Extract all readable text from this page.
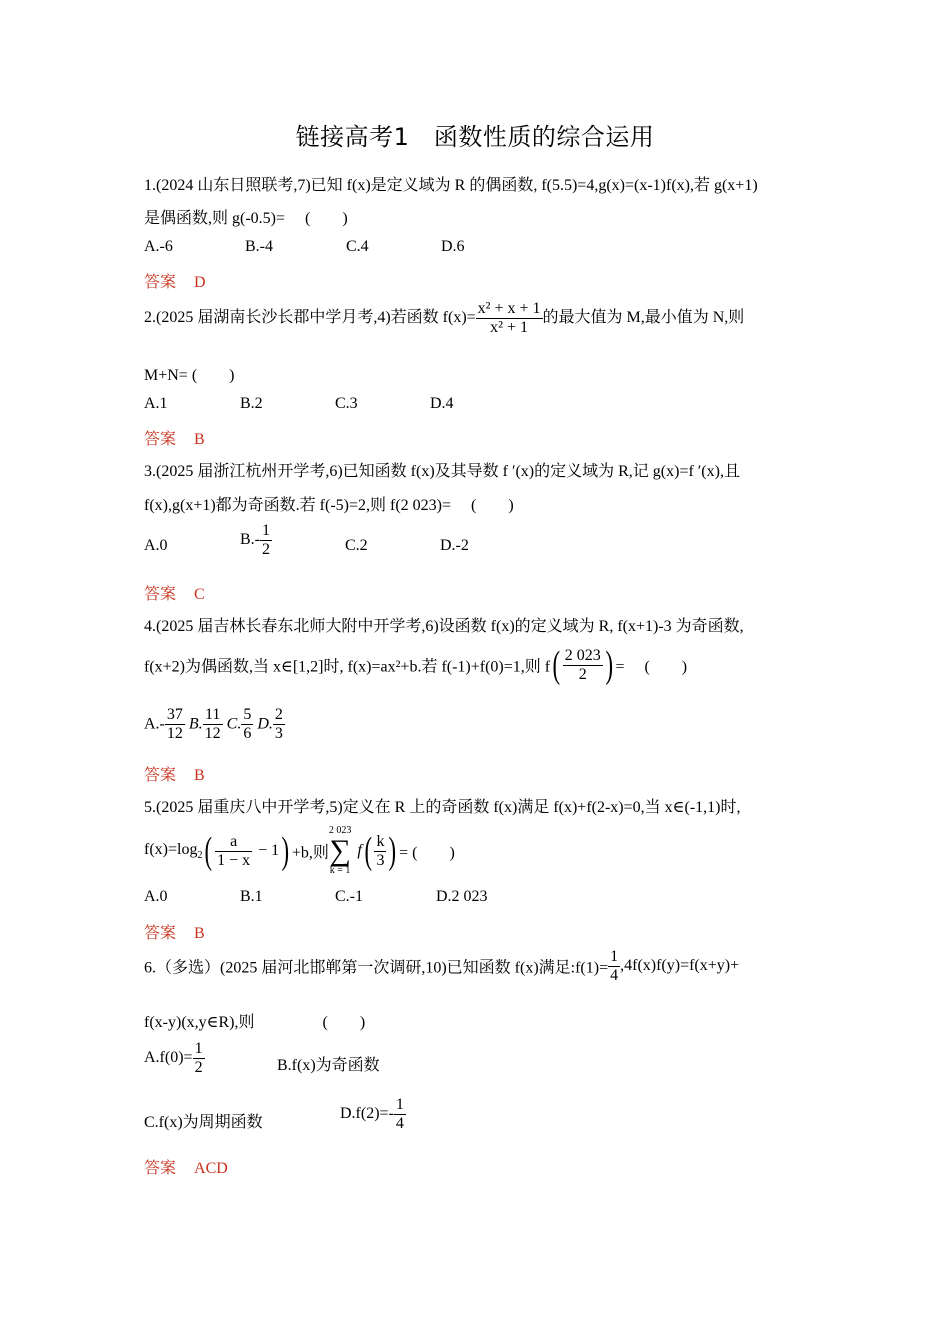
链接高考1　函数性质的综合运用
1.(2024 山东日照联考,7)已知 f(x)是定义域为 R 的偶函数, f(5.5)=4,g(x)=(x-1)f(x),若 g(x+1)
是偶函数,则 g(-0.5)=　 (　　)
A.-6	B.-4	C.4	D.6
答案 D
2.(2025 届湖南长沙长郡中学月考,4)若函数 $f(x)= \frac{\text{x² + x + 1}}{\text{x² + 1}}$ 的最大值为 M,最小值为 N,则
M+N= (　　)
A.1	B.2	C.3	D.4
答案 B
3.(2025 届浙江杭州开学考,6)已知函数 f(x)及其导数 f ′(x)的定义域为 R,记 g(x)=f ′(x),且
f(x),g(x+1)都为奇函数.若 f(-5)=2,则 f(2 023)=　 (　　)
A.0	$B.- \frac{1}{2}$	C.2	D.-2
答案 C
4.(2025 届吉林长春东北师大附中开学考,6)设函数 f(x)的定义域为 R, f(x+1)-3 为奇函数,
f(x+2)为偶函数,当 x∈[1,2]时, f(x)=ax²+b.若 f(-1)+f(0)=1,则 $f( \frac{2 023}{2}$ ) =　 (　　)
$A.- \frac{37}{12} B$. $\frac{11}{12} C$. $\frac{5}{6} D$. $\frac{2}{3}$
答案 B
5.(2025 届重庆八中开学考,5)定义在 R 上的奇函数 f(x)满足 f(x)+f(2-x)=0,当 x∈(-1,1)时,
$f(x)=\log_2( \frac{a}{1 - x} - 1) +b$,则2 023
∑
$k = 1f( \frac{k}{3}$ ) = (　　)
A.0	B.1	C.-1	D.2 023
答案 B
6.（多选）(2025 届河北邯郸第一次调研,10)已知函数 f(x)满足:f(1)= $\frac{1}{4} ,4f(x)f(y)=f(x+y)+$
f(x-y)(x,y∈R),则　　　　 (　　)
$A.f(0)= \frac{1}{2}$	B.f(x)为奇函数
C.f(x)为周期函数
$D.f(2)=- \frac{1}{4}$
答案 ACD
